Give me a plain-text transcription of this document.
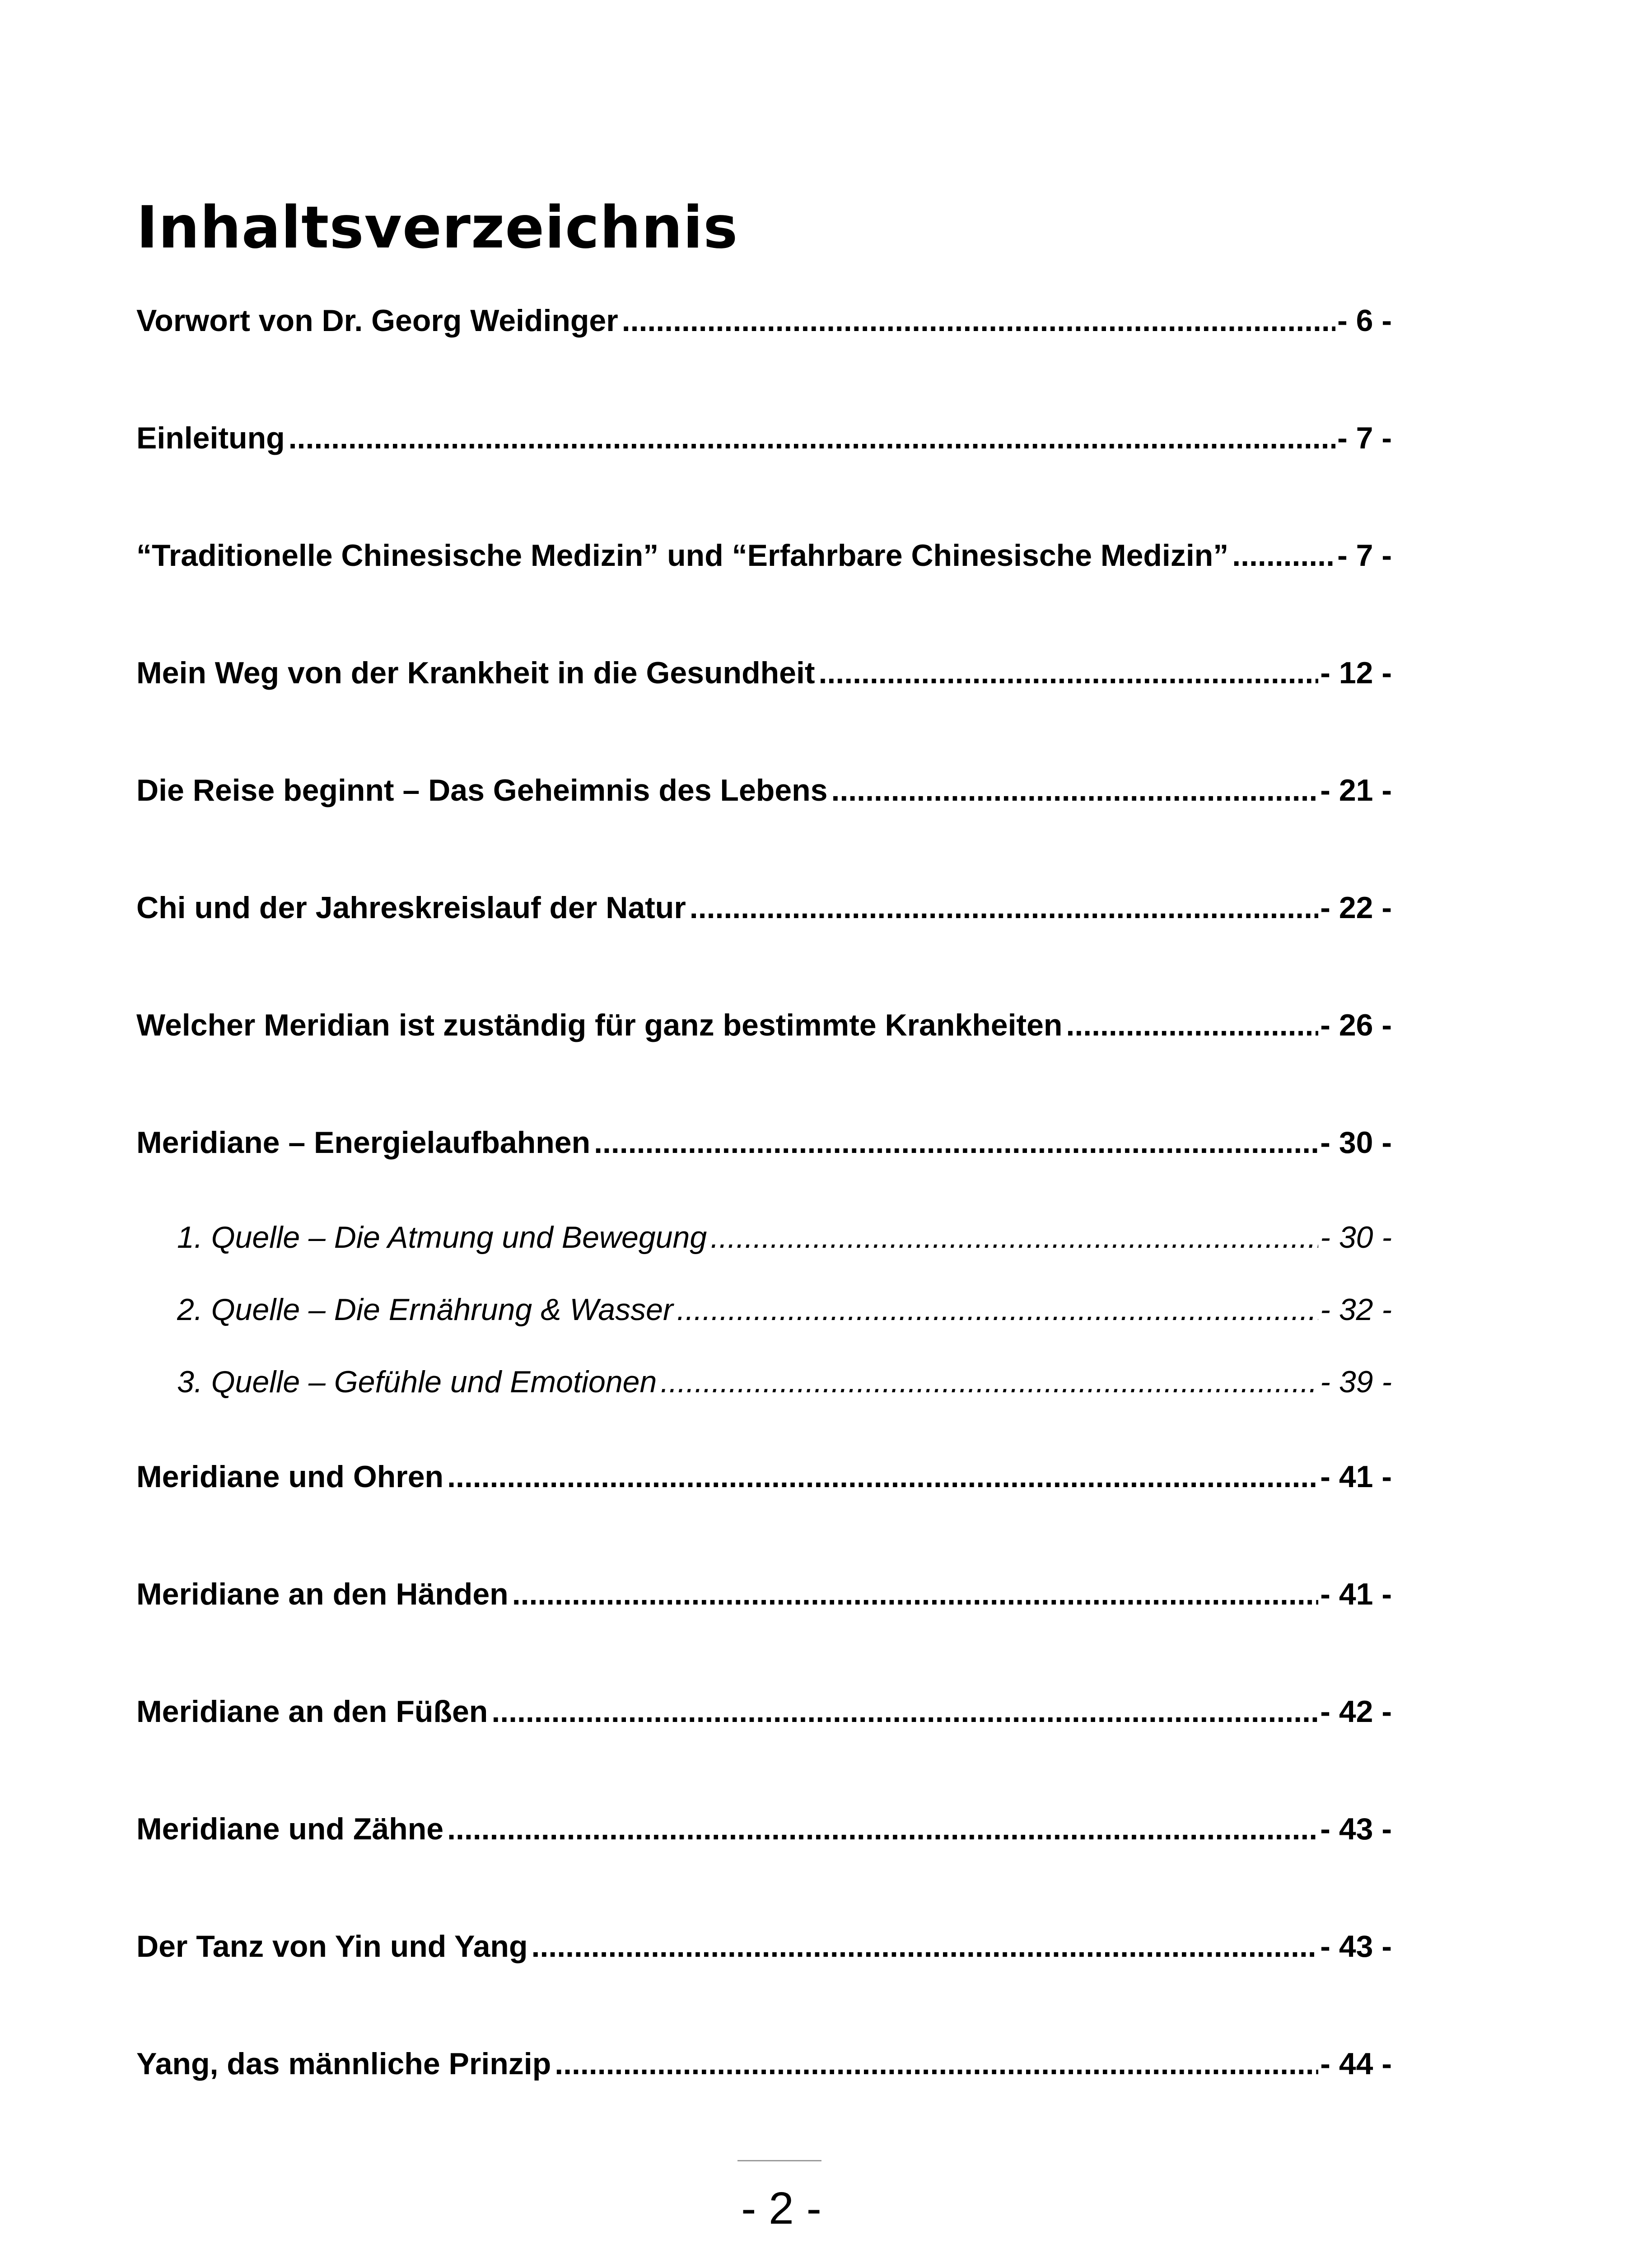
Inhaltsverzeichnis
Vorwort von Dr. Georg Weidinger .....	- 6 -
Einleitung .....	- 7 -
“Traditionelle Chinesische Medizin” und “Erfahrbare Chinesische Medizin” .....	- 7 -
Mein Weg von der Krankheit in die Gesundheit .....	- 12 -
Die Reise beginnt – Das Geheimnis des Lebens .....	- 21 -
Chi und der Jahreskreislauf der Natur .....	- 22 -
Welcher Meridian ist zuständig für ganz bestimmte Krankheiten .....	- 26 -
Meridiane – Energielaufbahnen .....	- 30 -
1. Quelle – Die Atmung und Bewegung .....	- 30 -
2. Quelle – Die Ernährung & Wasser .....	- 32 -
3. Quelle – Gefühle und Emotionen .....	- 39 -
Meridiane und Ohren .....	- 41 -
Meridiane an den Händen .....	- 41 -
Meridiane an den Füßen .....	- 42 -
Meridiane und Zähne .....	- 43 -
Der Tanz von Yin und Yang .....	- 43 -
Yang, das männliche Prinzip .....	- 44 -
- 2 -
